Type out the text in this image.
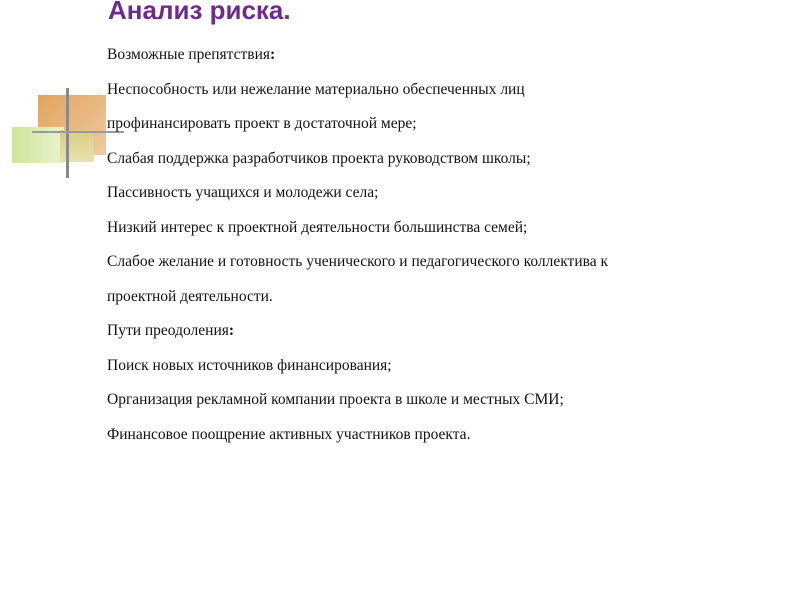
Анализ риска.
Возможные препятствия:
Неспособность или нежелание материально обеспеченных лиц
профинансировать проект в достаточной мере;
Слабая поддержка разработчиков проекта руководством школы;
Пассивность учащихся и молодежи села;
Низкий интерес к проектной деятельности большинства семей;
Слабое желание и готовность ученического и педагогического коллектива к
проектной деятельности.
Пути преодоления:
Поиск новых источников финансирования;
Организация рекламной компании проекта в школе и местных СМИ;
Финансовое поощрение активных участников проекта.
